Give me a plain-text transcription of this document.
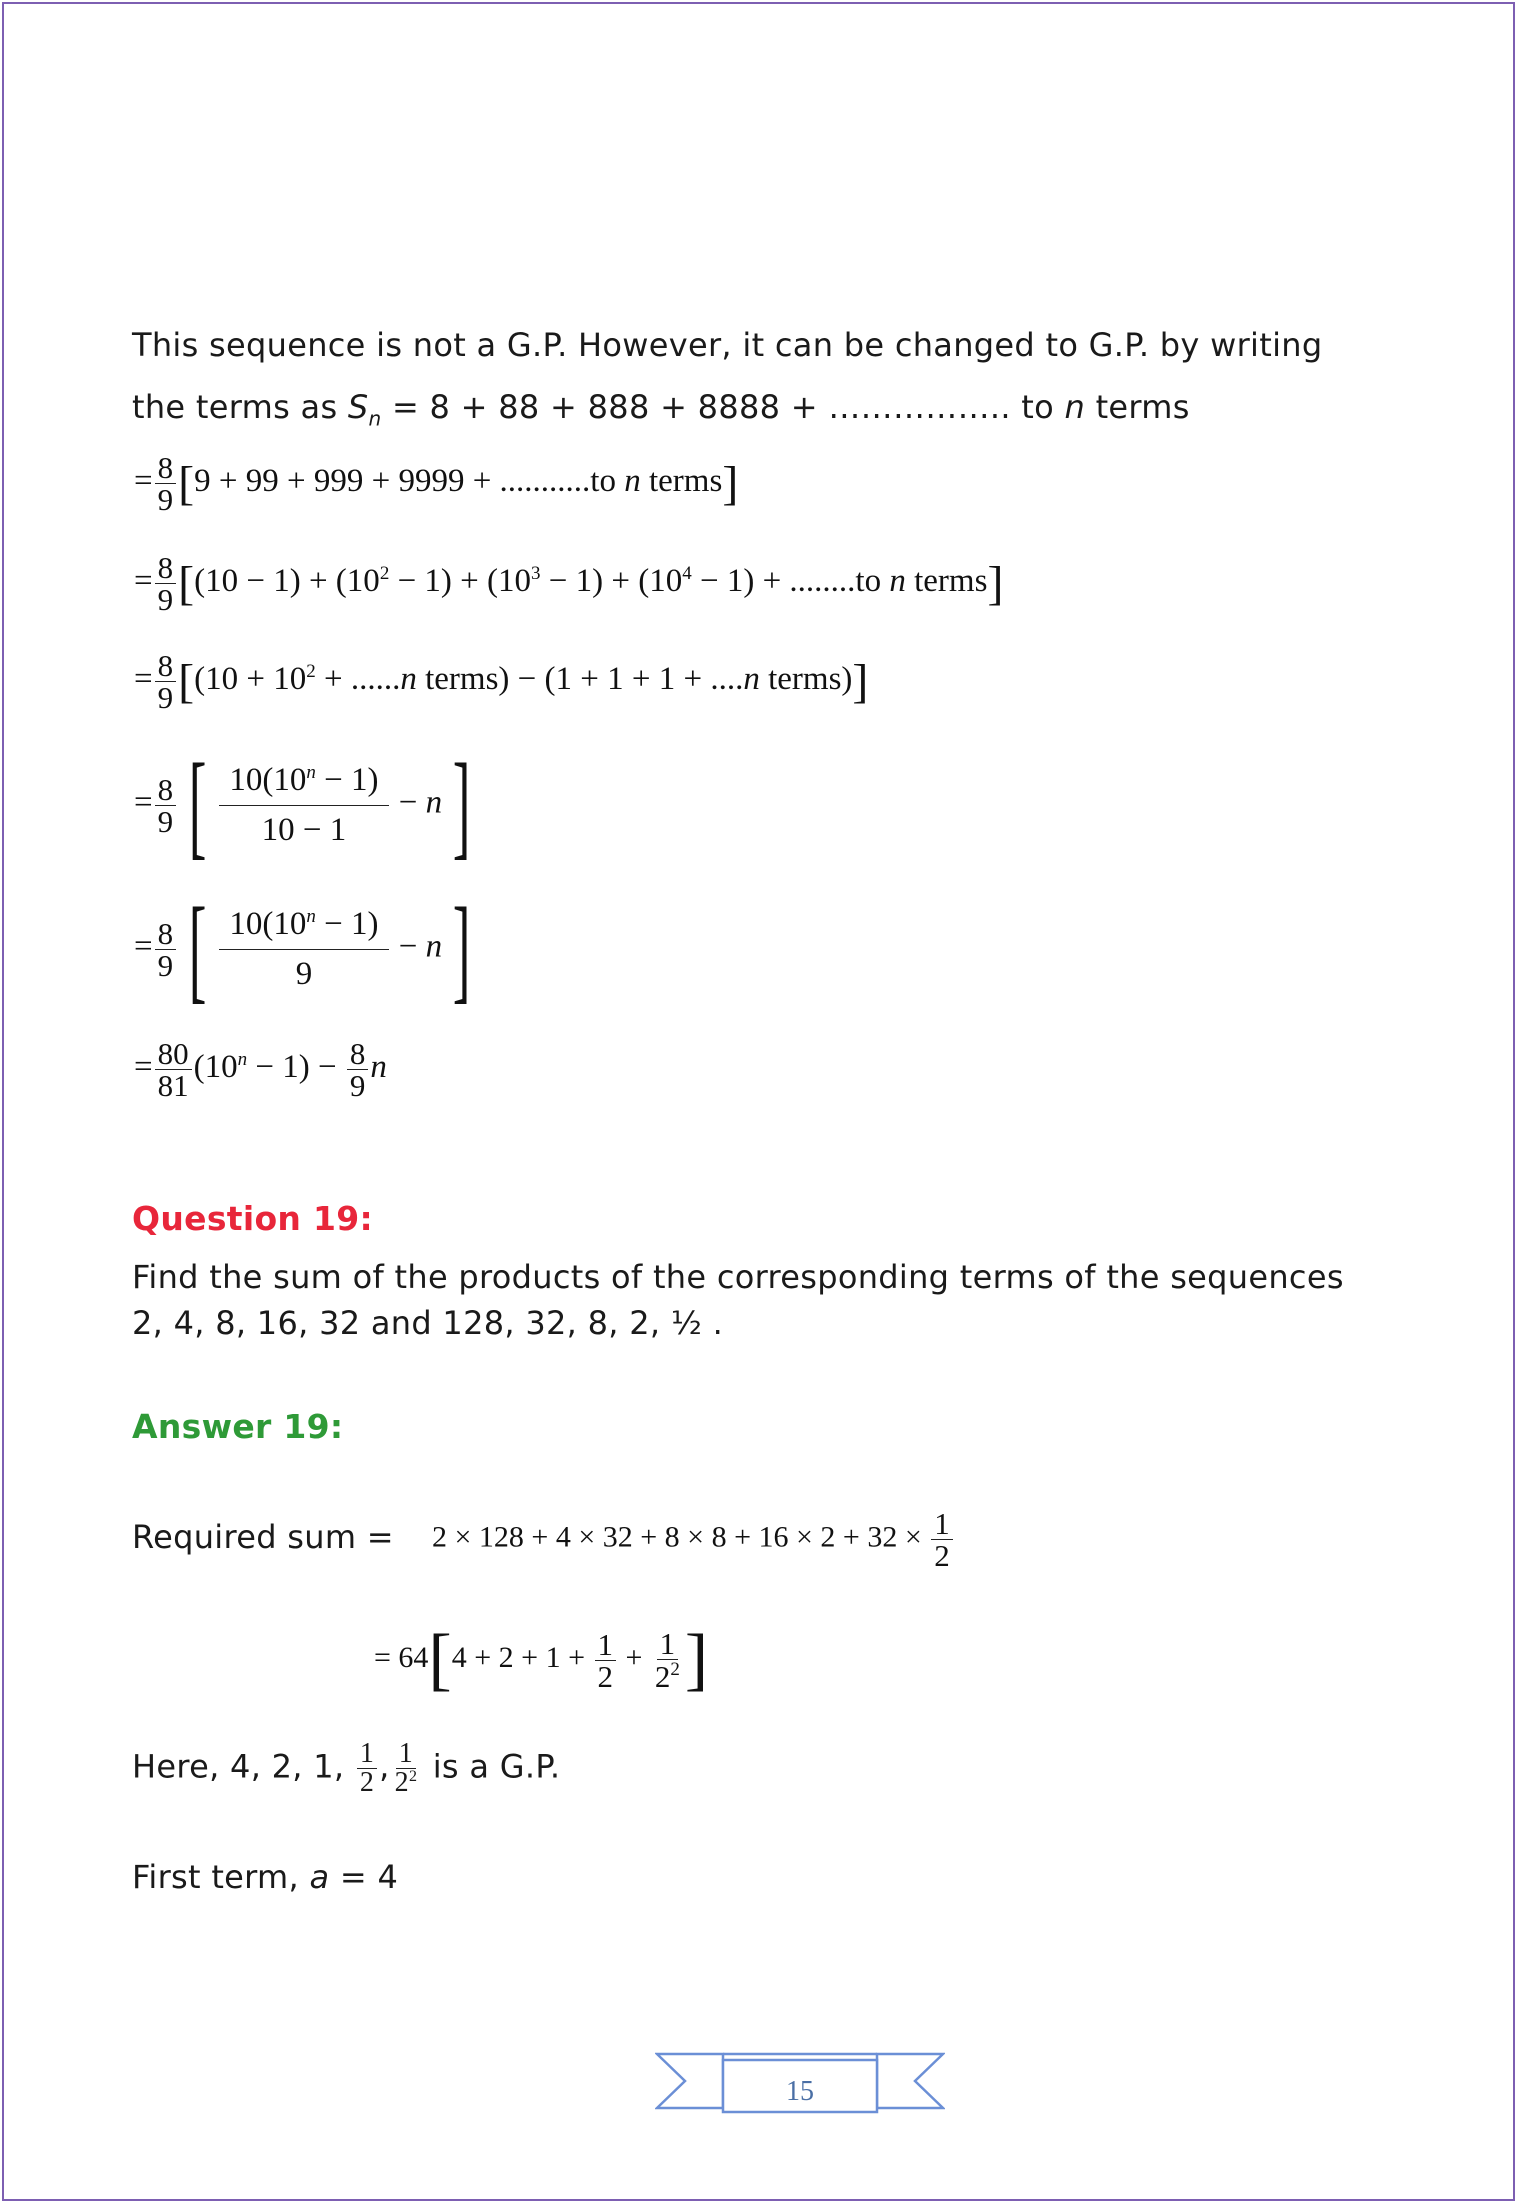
This sequence is not a G.P. However, it can be changed to G.P. by writing
the terms as $S_n = 8 + 88 + 888 + 8888$ + …………….. to n terms
= $\frac{8}{9} [9 + 99 + 999 + 9999 + ...........to$ n terms]
= $\frac{8}{9} [(10 - 1) + (10^2 - 1) + (10^3 - 1) + (10^4 - 1) + ........to$ n terms]
= $\frac{8}{9} [(10 + 10^2 + ......n$ terms) − (1 + 1 + 1 + ....n terms)]
= $\frac{8}{9}$ [ $\frac{10(10^n - 1)}{10 - 1} - n$]
= $\frac{8}{9}$ [ $\frac{10(10^n - 1)}{9} - n$]
= $\frac{80}{81} (10^n - 1) - \frac{8}{9}$ n
Question 19:
Find the sum of the products of the corresponding terms of the sequences
2, 4, 8, 16, 32 and 128, 32, 8, 2, ½ .
Answer 19:
Required sum = $2 \times 128 + 4 \times 32 + 8 \times 8 + 16 \times 2 + 32 \times \frac{1}{2}$
= $64[4 + 2 + 1 + \frac{1}{2} + \frac{1}{2^2}$ ]
Here, 4, 2, 1, $\frac{1}{2}$ , $\frac{1}{2^2}$ is a G.P.
First term, a = 4
15
